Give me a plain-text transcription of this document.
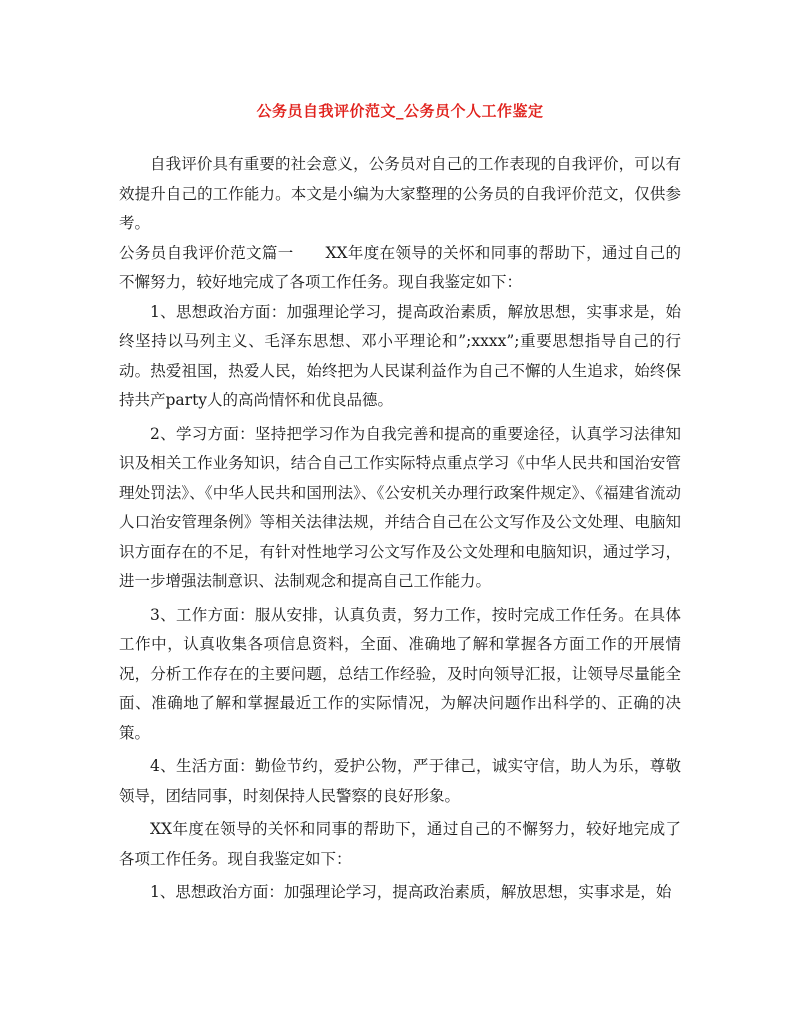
公务员自我评价范文_公务员个人工作鉴定

自我评价具有重要的社会意义，公务员对自己的工作表现的自我评价，可以有效提升自己的工作能力。本文是小编为大家整理的公务员的自我评价范文，仅供参考。

公务员自我评价范文篇一　　XX年度在领导的关怀和同事的帮助下，通过自己的不懈努力，较好地完成了各项工作任务。现自我鉴定如下：

1、思想政治方面：加强理论学习，提高政治素质，解放思想，实事求是，始终坚持以马列主义、毛泽东思想、邓小平理论和”;xxxx”;重要思想指导自己的行动。热爱祖国，热爱人民，始终把为人民谋利益作为自己不懈的人生追求，始终保持共产party人的高尚情怀和优良品德。

2、学习方面：坚持把学习作为自我完善和提高的重要途径，认真学习法律知识及相关工作业务知识，结合自己工作实际特点重点学习《中华人民共和国治安管理处罚法》、《中华人民共和国刑法》、《公安机关办理行政案件规定》、《福建省流动人口治安管理条例》等相关法律法规，并结合自己在公文写作及公文处理、电脑知识方面存在的不足，有针对性地学习公文写作及公文处理和电脑知识，通过学习，进一步增强法制意识、法制观念和提高自己工作能力。

3、工作方面：服从安排，认真负责，努力工作，按时完成工作任务。在具体工作中，认真收集各项信息资料，全面、准确地了解和掌握各方面工作的开展情况，分析工作存在的主要问题，总结工作经验，及时向领导汇报，让领导尽量能全面、准确地了解和掌握最近工作的实际情况，为解决问题作出科学的、正确的决策。

4、生活方面：勤俭节约，爱护公物，严于律己，诚实守信，助人为乐，尊敬领导，团结同事，时刻保持人民警察的良好形象。

XX年度在领导的关怀和同事的帮助下，通过自己的不懈努力，较好地完成了各项工作任务。现自我鉴定如下：

1、思想政治方面：加强理论学习，提高政治素质，解放思想，实事求是，始
